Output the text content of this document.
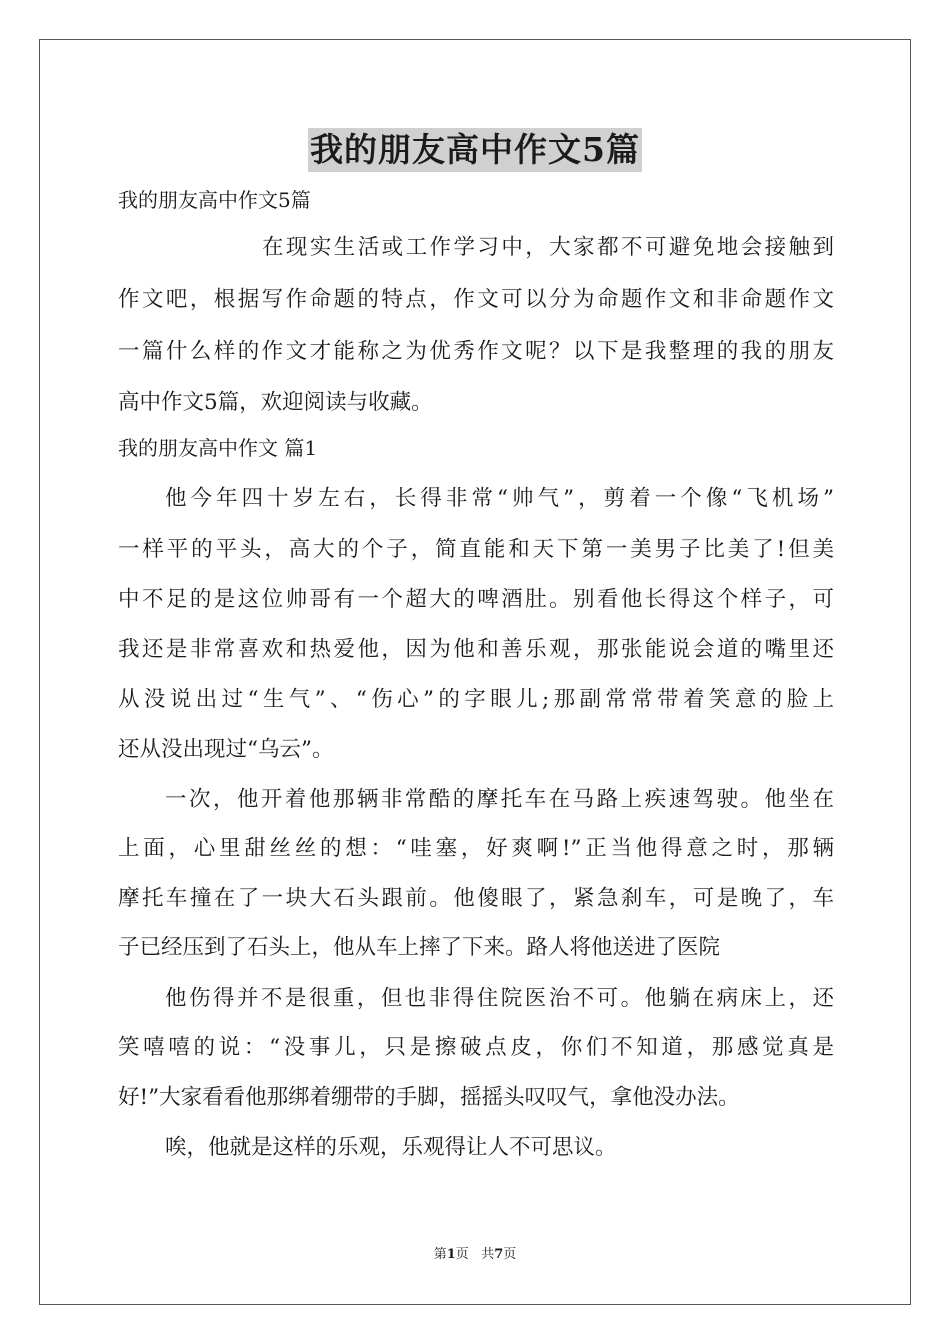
我的朋友高中作文5篇
我的朋友高中作文5篇
在现实生活或工作学习中，大家都不可避免地会接触到
作文吧，根据写作命题的特点，作文可以分为命题作文和非命题作文
一篇什么样的作文才能称之为优秀作文呢？以下是我整理的我的朋友
高中作文5篇，欢迎阅读与收藏。
我的朋友高中作文 篇1
他今年四十岁左右，长得非常“帅气”，剪着一个像“飞机场”
一样平的平头，高大的个子，简直能和天下第一美男子比美了!但美
中不足的是这位帅哥有一个超大的啤酒肚。别看他长得这个样子，可
我还是非常喜欢和热爱他，因为他和善乐观，那张能说会道的嘴里还
从没说出过“生气”、“伤心”的字眼儿;那副常常带着笑意的脸上
还从没出现过“乌云”。
一次，他开着他那辆非常酷的摩托车在马路上疾速驾驶。他坐在
上面，心里甜丝丝的想：“哇塞，好爽啊!”正当他得意之时，那辆
摩托车撞在了一块大石头跟前。他傻眼了，紧急刹车，可是晚了，车
子已经压到了石头上，他从车上摔了下来。路人将他送进了医院
他伤得并不是很重，但也非得住院医治不可。他躺在病床上，还
笑嘻嘻的说：“没事儿，只是擦破点皮，你们不知道，那感觉真是
好!”大家看看他那绑着绷带的手脚，摇摇头叹叹气，拿他没办法。
唉，他就是这样的乐观，乐观得让人不可思议。
第1页 共7页
